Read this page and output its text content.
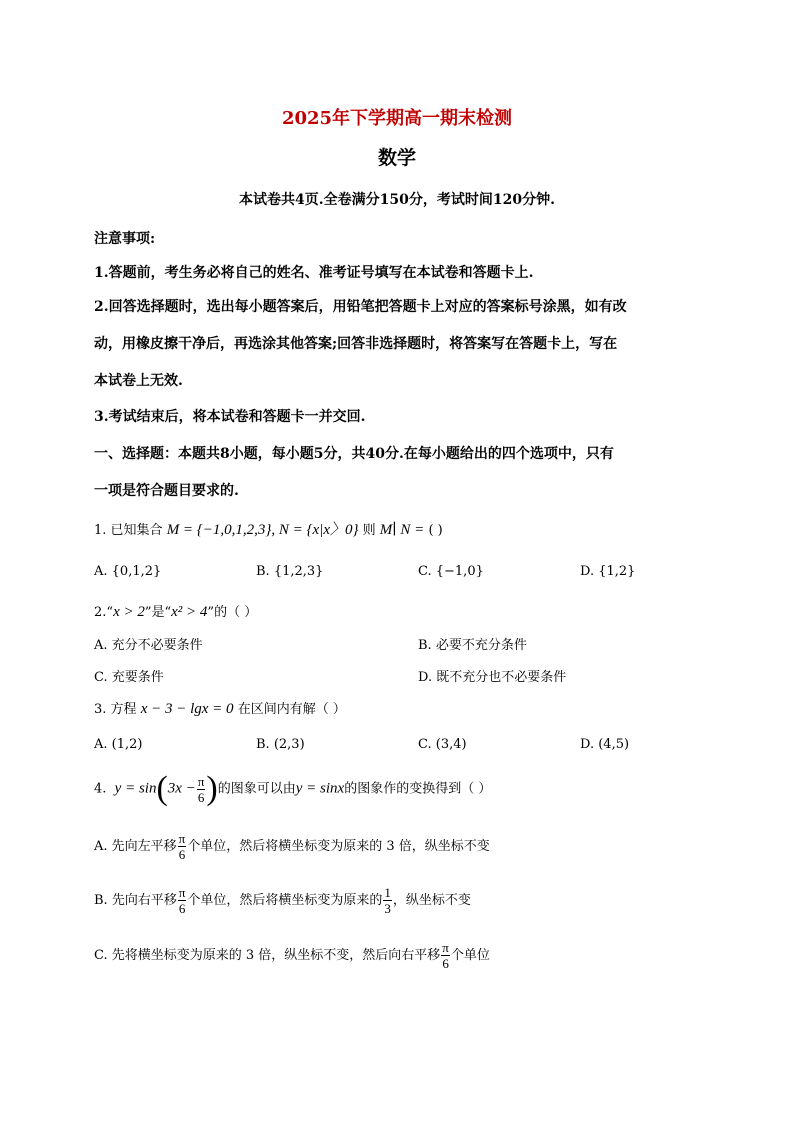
2025年下学期高一期末检测
数学
本试卷共4页.全卷满分150分，考试时间120分钟.
注意事项:
1.答题前，考生务必将自己的姓名、准考证号填写在本试卷和答题卡上.
2.回答选择题时，选出每小题答案后，用铅笔把答题卡上对应的答案标号涂黑，如有改
动，用橡皮擦干净后，再选涂其他答案;回答非选择题时，将答案写在答题卡上，写在
本试卷上无效.
3.考试结束后，将本试卷和答题卡一并交回.
一、选择题：本题共8小题，每小题5分，共40分.在每小题给出的四个选项中，只有
一项是符合题目要求的.
1. 已知集合 M = {−1,0,1,2,3}, N = {x|x〉0} 则 M∣ N = ( )
A. {0,1,2}	B. {1,2,3}	C. {−1,0}	D. {1,2}
2.“x > 2”是“x² > 4”的（ ）
A. 充分不必要条件	B. 必要不充分条件
C. 充要条件	D. 既不充分也不必要条件
3. 方程 x − 3 − lgx = 0 在区间内有解（ ）
A. (1,2)	B. (2,3)	C. (3,4)	D. (4,5)
4. $y = \sin(3x - \frac{\pi}{6}$ )的图象可以由y = sinx的图象作的变换得到（ ）
A. 先向左平移 $\frac{\pi}{6}$ 个单位，然后将横坐标变为原来的 3 倍，纵坐标不变
B. 先向右平移 $\frac{\pi}{6}$ 个单位，然后将横坐标变为原来的 $\frac{1}{3}$ ，纵坐标不变
C. 先将横坐标变为原来的 3 倍，纵坐标不变，然后向右平移 $\frac{\pi}{6}$ 个单位
